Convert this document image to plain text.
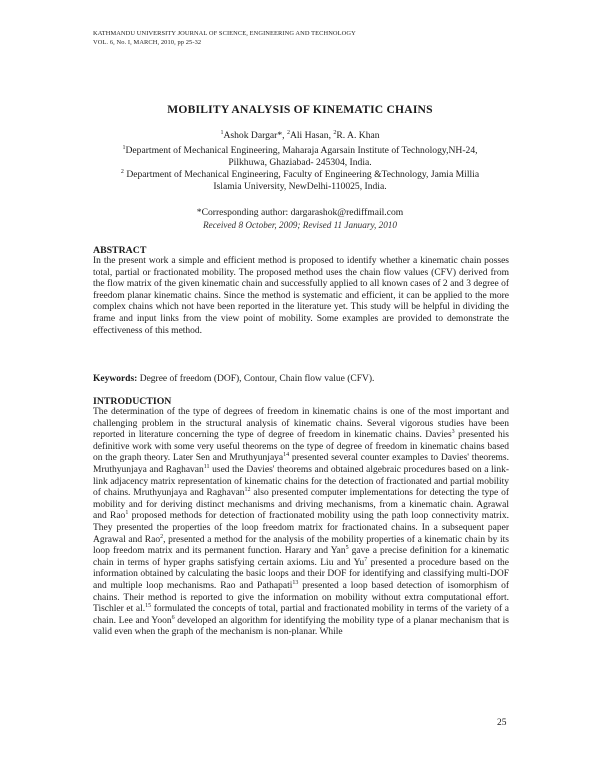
KATHMANDU UNIVERSITY JOURNAL OF SCIENCE, ENGINEERING AND TECHNOLOGY
VOL. 6, No. I, MARCH, 2010, pp 25-32
MOBILITY ANALYSIS OF KINEMATIC CHAINS
$^1$Ashok Dargar*, $^2$Ali Hasan, $^2$R. A. Khan
$^1$Department of Mechanical Engineering, Maharaja Agarsain Institute of Technology,NH-24,
Pilkhuwa, Ghaziabad- 245304, India.
$^2$ Department of Mechanical Engineering, Faculty of Engineering &Technology, Jamia Millia
Islamia University, NewDelhi-110025, India.
*Corresponding author: dargarashok@rediffmail.com
Received 8 October, 2009; Revised 11 January, 2010
ABSTRACT
In the present work a simple and efficient method is proposed to identify whether a kinematic chain posses total, partial or fractionated mobility. The proposed method uses the chain flow values (CFV) derived from the flow matrix of the given kinematic chain and successfully applied to all known cases of 2 and 3 degree of freedom planar kinematic chains. Since the method is systematic and efficient, it can be applied to the more complex chains which not have been reported in the literature yet. This study will be helpful in dividing the frame and input links from the view point of mobility. Some examples are provided to demonstrate the effectiveness of this method.
Keywords: Degree of freedom (DOF), Contour, Chain flow value (CFV).
INTRODUCTION
The determination of the type of degrees of freedom in kinematic chains is one of the most important and challenging problem in the structural analysis of kinematic chains. Several vigorous studies have been reported in literature concerning the type of degree of freedom in kinematic chains. Davies$^3$ presented his definitive work with some very useful theorems on the type of degree of freedom in kinematic chains based on the graph theory. Later Sen and Mruthyunjaya$^{14}$ presented several counter examples to Davies' theorems. Mruthyunjaya and Raghavan$^{11}$ used the Davies' theorems and obtained algebraic procedures based on a link-link adjacency matrix representation of kinematic chains for the detection of fractionated and partial mobility of chains. Mruthyunjaya and Raghavan$^{12}$ also presented computer implementations for detecting the type of mobility and for deriving distinct mechanisms and driving mechanisms, from a kinematic chain. Agrawal and Rao$^1$ proposed methods for detection of fractionated mobility using the path loop connectivity matrix. They presented the properties of the loop freedom matrix for fractionated chains. In a subsequent paper Agrawal and Rao$^2$, presented a method for the analysis of the mobility properties of a kinematic chain by its loop freedom matrix and its permanent function. Harary and Yan$^5$ gave a precise definition for a kinematic chain in terms of hyper graphs satisfying certain axioms. Liu and Yu$^7$ presented a procedure based on the information obtained by calculating the basic loops and their DOF for identifying and classifying multi-DOF and multiple loop mechanisms. Rao and Pathapati$^{13}$ presented a loop based detection of isomorphism of chains. Their method is reported to give the information on mobility without extra computational effort. Tischler et al.$^{15}$ formulated the concepts of total, partial and fractionated mobility in terms of the variety of a chain. Lee and Yoon$^6$ developed an algorithm for identifying the mobility type of a planar mechanism that is valid even when the graph of the mechanism is non-planar. While
25
